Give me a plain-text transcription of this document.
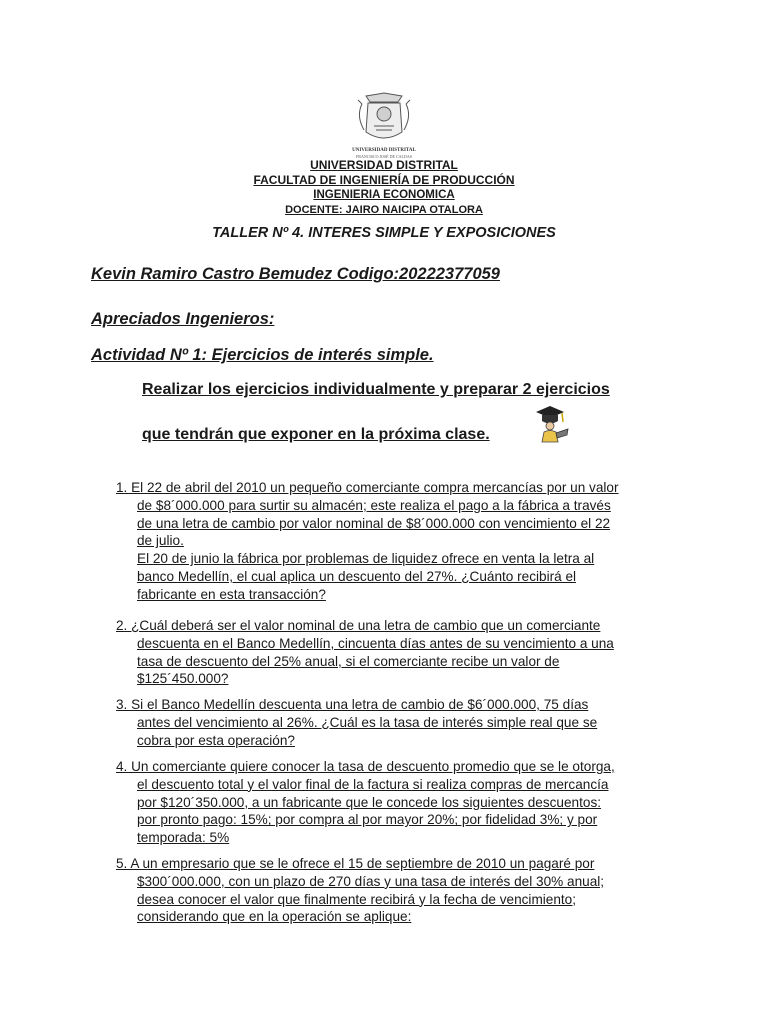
UNIVERSIDAD DISTRITAL
FRANCISCO JOSÉ DE CALDAS
UNIVERSIDAD DISTRITAL
FACULTAD DE INGENIERÍA DE PRODUCCIÓN
INGENIERIA ECONOMICA
DOCENTE: JAIRO NAICIPA OTALORA
TALLER Nº 4. INTERES SIMPLE Y EXPOSICIONES
Kevin Ramiro Castro Bemudez Codigo:20222377059
Apreciados Ingenieros:
Actividad Nº 1: Ejercicios de interés simple.
Realizar los ejercicios individualmente y preparar 2 ejercicios
que tendrán que exponer en la próxima clase.
1. El 22 de abril del 2010 un pequeño comerciante compra mercancías por un valor
de $8´000.000 para surtir su almacén; este realiza el pago a la fábrica a través
de una letra de cambio por valor nominal de $8´000.000 con vencimiento el 22
de julio.
El 20 de junio la fábrica por problemas de liquidez ofrece en venta la letra al
banco Medellín, el cual aplica un descuento del 27%. ¿Cuánto recibirá el
fabricante en esta transacción?
2. ¿Cuál deberá ser el valor nominal de una letra de cambio que un comerciante
descuenta en el Banco Medellín, cincuenta días antes de su vencimiento a una
tasa de descuento del 25% anual, si el comerciante recibe un valor de
$125´450.000?
3. Si el Banco Medellín descuenta una letra de cambio de $6´000.000, 75 días
antes del vencimiento al 26%. ¿Cuál es la tasa de interés simple real que se
cobra por esta operación?
4. Un comerciante quiere conocer la tasa de descuento promedio que se le otorga,
el descuento total y el valor final de la factura si realiza compras de mercancía
por $120´350.000, a un fabricante que le concede los siguientes descuentos:
por pronto pago: 15%; por compra al por mayor 20%; por fidelidad 3%; y por
temporada: 5%
5. A un empresario que se le ofrece el 15 de septiembre de 2010 un pagaré por
$300´000.000, con un plazo de 270 días y una tasa de interés del 30% anual;
desea conocer el valor que finalmente recibirá y la fecha de vencimiento;
considerando que en la operación se aplique:
